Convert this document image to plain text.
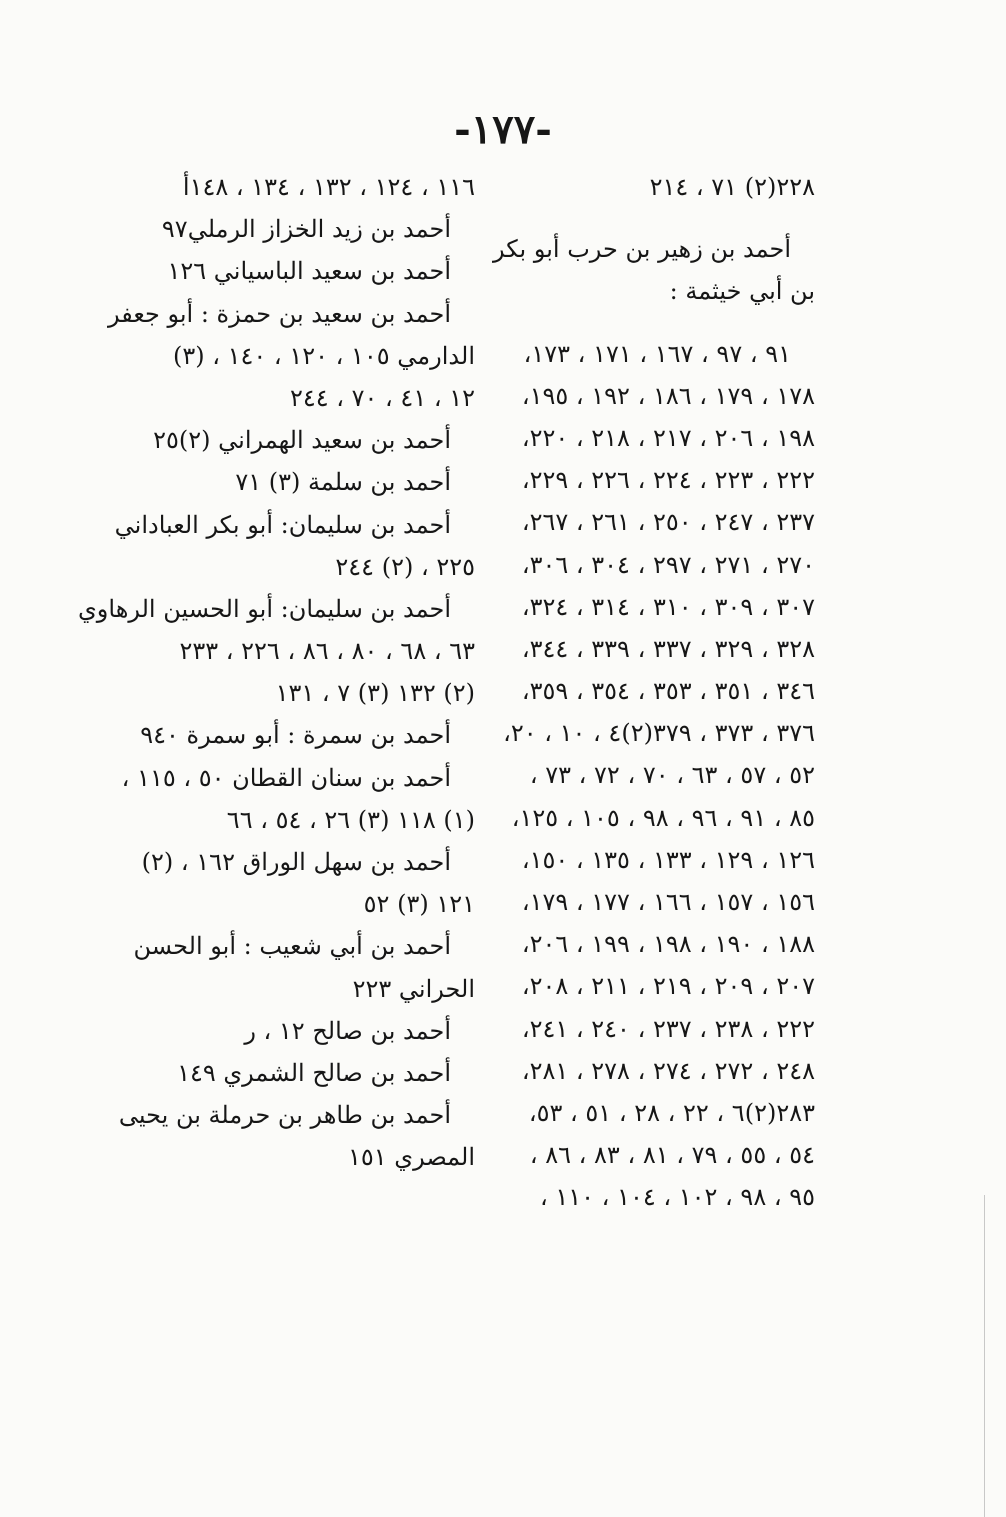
-١٧٧-
٢٢٨(٢) ٧١ ، ٢١٤
أحمد بن زهير بن حرب أبو بكر
بن أبي خيثمة :
٩١ ، ٩٧ ، ١٦٧ ، ١٧١ ، ١٧٣،
١٧٨ ، ١٧٩ ، ١٨٦ ، ١٩٢ ، ١٩٥،
١٩٨ ، ٢٠٦ ، ٢١٧ ، ٢١٨ ، ٢٢٠،
٢٢٢ ، ٢٢٣ ، ٢٢٤ ، ٢٢٦ ، ٢٢٩،
٢٣٧ ، ٢٤٧ ، ٢٥٠ ، ٢٦١ ، ٢٦٧،
٢٧٠ ، ٢٧١ ، ٢٩٧ ، ٣٠٤ ، ٣٠٦،
٣٠٧ ، ٣٠٩ ، ٣١٠ ، ٣١٤ ، ٣٢٤،
٣٢٨ ، ٣٢٩ ، ٣٣٧ ، ٣٣٩ ، ٣٤٤،
٣٤٦ ، ٣٥١ ، ٣٥٣ ، ٣٥٤ ، ٣٥٩،
٣٧٦ ، ٣٧٣ ، ٣٧٩(٢)٤ ، ١٠ ، ٢٠،
٥٢ ، ٥٧ ، ٦٣ ، ٧٠ ، ٧٢ ، ٧٣ ،
٨٥ ، ٩١ ، ٩٦ ، ٩٨ ، ١٠٥ ، ١٢٥،
١٢٦ ، ١٢٩ ، ١٣٣ ، ١٣٥ ، ١٥٠،
١٥٦ ، ١٥٧ ، ١٦٦ ، ١٧٧ ، ١٧٩،
١٨٨ ، ١٩٠ ، ١٩٨ ، ١٩٩ ، ٢٠٦،
٢٠٧ ، ٢٠٩ ، ٢١٩ ، ٢١١ ، ٢٠٨،
٢٢٢ ، ٢٣٨ ، ٢٣٧ ، ٢٤٠ ، ٢٤١،
٢٤٨ ، ٢٧٢ ، ٢٧٤ ، ٢٧٨ ، ٢٨١،
٢٨٣(٢)٦ ، ٢٢ ، ٢٨ ، ٥١ ، ٥٣،
٥٤ ، ٥٥ ، ٧٩ ، ٨١ ، ٨٣ ، ٨٦ ،
٩٥ ، ٩٨ ، ١٠٢ ، ١٠٤ ، ١١٠ ،
١١٦ ، ١٢٤ ، ١٣٢ ، ١٣٤ ، ١٤٨أ
أحمد بن زيد الخزاز الرملي٩٧
أحمد بن سعيد الباسياني ١٢٦
أحمد بن سعيد بن حمزة : أبو جعفر
الدارمي ١٠٥ ، ١٢٠ ، ١٤٠ ، (٣)
١٢ ، ٤١ ، ٧٠ ، ٢٤٤
أحمد بن سعيد الهمراني (٢)٢٥
أحمد بن سلمة (٣) ٧١
أحمد بن سليمان: أبو بكر العباداني
٢٢٥ ، (٢) ٢٤٤
أحمد بن سليمان: أبو الحسين الرهاوي
٦٣ ، ٦٨ ، ٨٠ ، ٨٦ ، ٢٢٦ ، ٢٣٣
(٢) ١٣٢ (٣) ٧ ، ١٣١
أحمد بن سمرة : أبو سمرة ٩٤٠
أحمد بن سنان القطان ٥٠ ، ١١٥ ،
(١) ١١٨ (٣) ٢٦ ، ٥٤ ، ٦٦
أحمد بن سهل الوراق ١٦٢ ، (٢)
١٢١ (٣) ٥٢
أحمد بن أبي شعيب : أبو الحسن
الحراني ٢٢٣
أحمد بن صالح ١٢ ، ر
أحمد بن صالح الشمري ١٤٩
أحمد بن طاهر بن حرملة بن يحيى
المصري ١٥١
